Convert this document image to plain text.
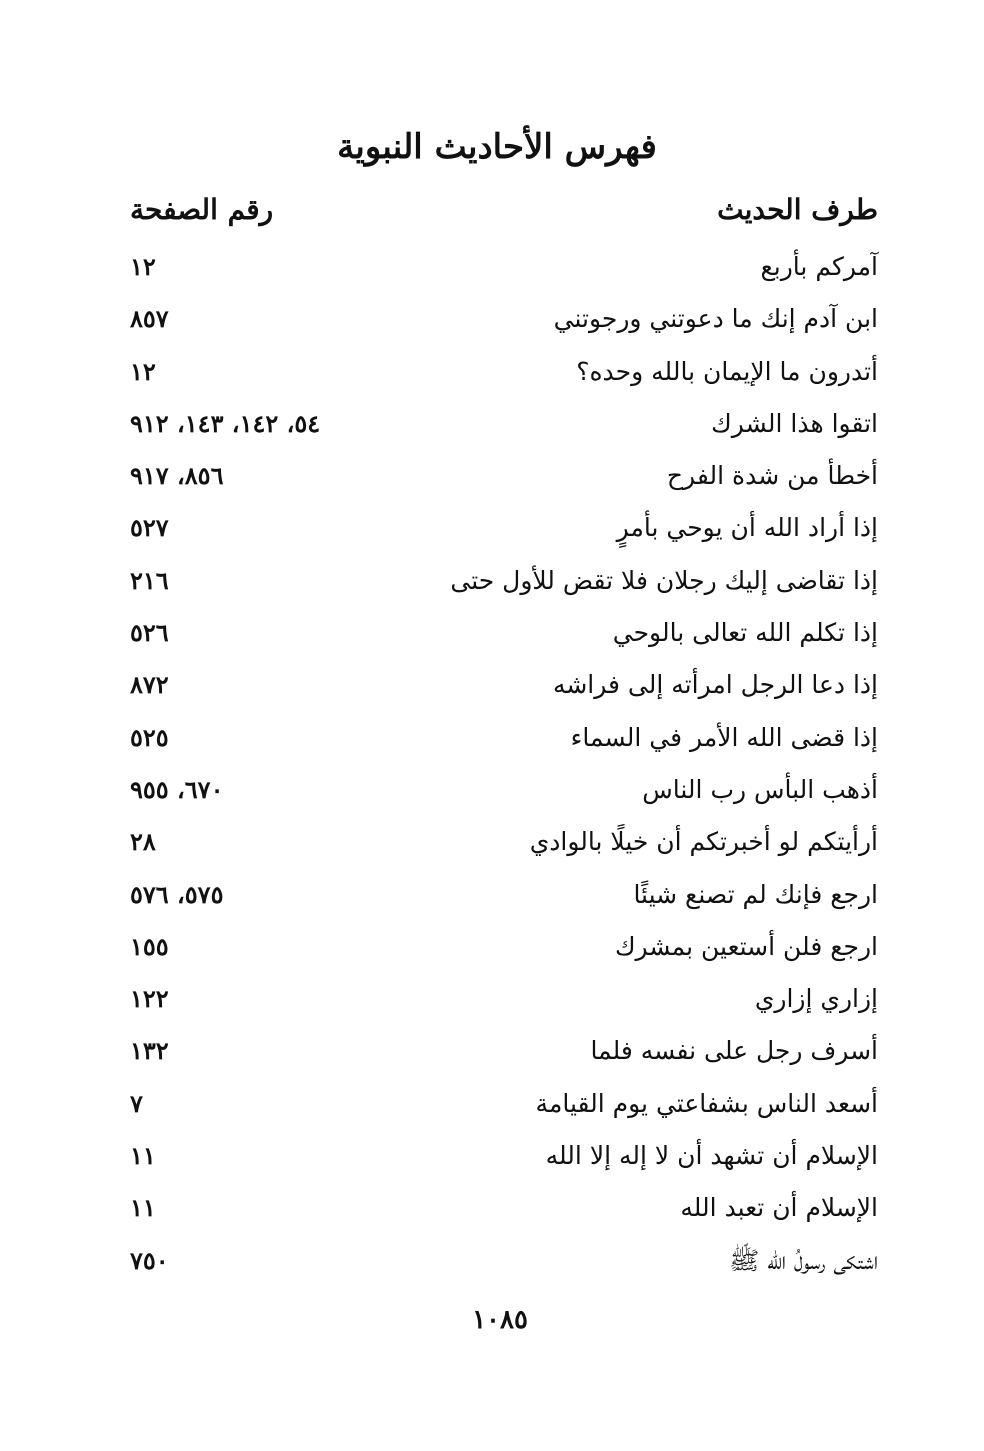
فهرس الأحاديث النبوية
طرف الحديث
رقم الصفحة
آمركم بأربع
١٢
ابن آدم إنك ما دعوتني ورجوتني
٨٥٧
أتدرون ما الإيمان بالله وحده؟
١٢
اتقوا هذا الشرك
٥٤، ١٤٢، ١٤٣، ٩١٢
أخطأ من شدة الفرح
٨٥٦، ٩١٧
إذا أراد الله أن يوحي بأمرٍ
٥٢٧
إذا تقاضى إليك رجلان فلا تقض للأول حتى
٢١٦
إذا تكلم الله تعالى بالوحي
٥٢٦
إذا دعا الرجل امرأته إلى فراشه
٨٧٢
إذا قضى الله الأمر في السماء
٥٢٥
أذهب البأس رب الناس
٦٧٠، ٩٥٥
أرأيتكم لو أخبرتكم أن خيلًا بالوادي
٢٨
ارجع فإنك لم تصنع شيئًا
٥٧٥، ٥٧٦
ارجع فلن أستعين بمشرك
١٥٥
إزاري إزاري
١٢٢
أسرف رجل على نفسه فلما
١٣٢
أسعد الناس بشفاعتي يوم القيامة
٧
الإسلام أن تشهد أن لا إله إلا الله
١١
الإسلام أن تعبد الله
١١
اشتكى رسولُ الله ﷺ
٧٥٠
١٠٨٥
